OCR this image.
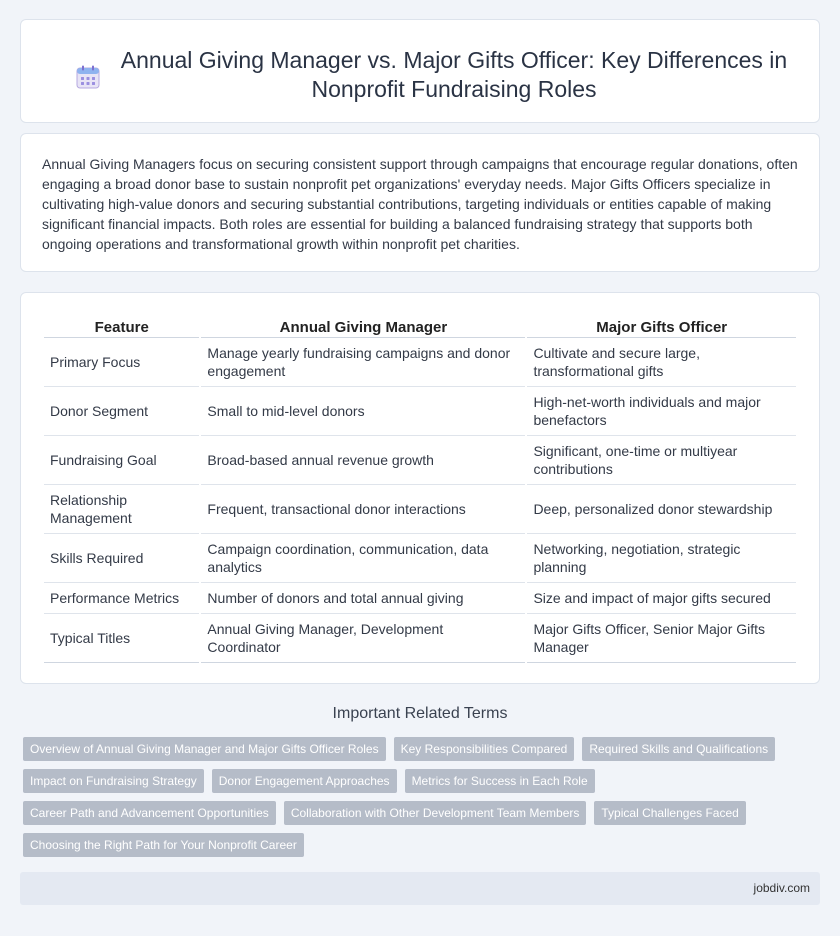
Annual Giving Manager vs. Major Gifts Officer: Key Differences in Nonprofit Fundraising Roles

Annual Giving Managers focus on securing consistent support through campaigns that encourage regular donations, often engaging a broad donor base to sustain nonprofit pet organizations' everyday needs. Major Gifts Officers specialize in cultivating high-value donors and securing substantial contributions, targeting individuals or entities capable of making significant financial impacts. Both roles are essential for building a balanced fundraising strategy that supports both ongoing operations and transformational growth within nonprofit pet charities.

Feature	Annual Giving Manager	Major Gifts Officer
Primary Focus	Manage yearly fundraising campaigns and donor engagement	Cultivate and secure large, transformational gifts
Donor Segment	Small to mid-level donors	High-net-worth individuals and major benefactors
Fundraising Goal	Broad-based annual revenue growth	Significant, one-time or multiyear contributions
Relationship Management	Frequent, transactional donor interactions	Deep, personalized donor stewardship
Skills Required	Campaign coordination, communication, data analytics	Networking, negotiation, strategic planning
Performance Metrics	Number of donors and total annual giving	Size and impact of major gifts secured
Typical Titles	Annual Giving Manager, Development Coordinator	Major Gifts Officer, Senior Major Gifts Manager
Important Related Terms
Overview of Annual Giving Manager and Major Gifts Officer Roles	Key Responsibilities Compared	Required Skills and Qualifications
Impact on Fundraising Strategy	Donor Engagement Approaches	Metrics for Success in Each Role
Career Path and Advancement Opportunities	Collaboration with Other Development Team Members	Typical Challenges Faced
Choosing the Right Path for Your Nonprofit Career
jobdiv.com
